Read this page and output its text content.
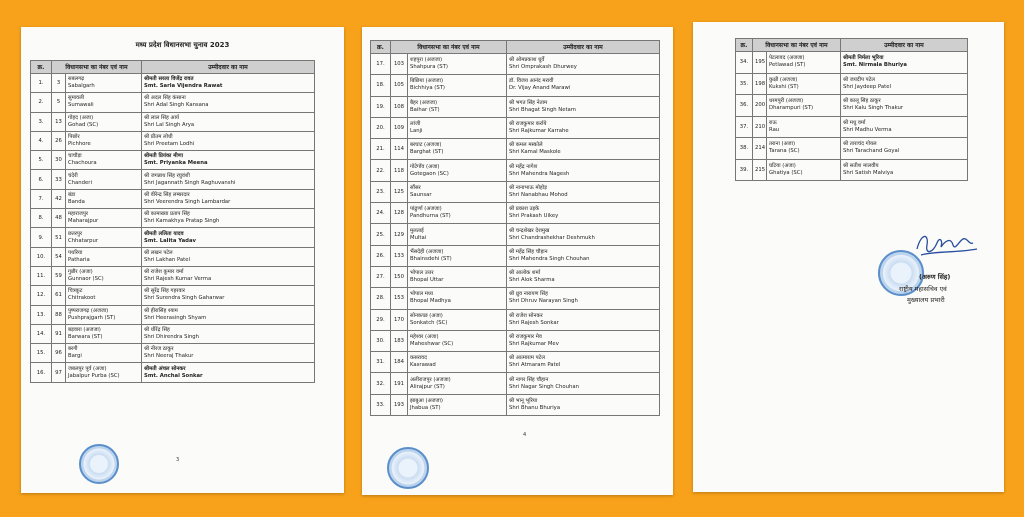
मध्य प्रदेश विधानसभा चुनाव 2023
क्र.	विधानसभा का नंबर एवं नाम		उम्मीदवार का नाम
1.	3	सबलगढ़
Sabalgarh	श्रीमती सरला विजेंद्र रावत
Smt. Sarla Vijendra Rawat

2.	5	सुमावली
Sumawali	श्री अदल सिंह कंसाना
Shri Adal Singh Kansana

3.	13	गोहद (अजा)
Gohad (SC)	श्री लाल सिंह आर्य
Shri Lal Singh Arya

4.	26	पिछोर
Pichhore	श्री प्रीतम लोधी
Shri Preetam Lodhi

5.	30	चाचौड़ा
Chachoura	श्रीमती प्रियंका मीणा
Smt. Priyanka Meena

6.	33	चंदेरी
Chanderi	श्री जगन्नाथ सिंह रघुवंशी
Shri Jagannath Singh Raghuvanshi

7.	42	बंडा
Banda	श्री वीरेन्द्र सिंह लम्बरदार
Shri Veerendra Singh Lambardar

8.	48	महाराजपुर
Maharajpur	श्री कामाख्या प्रताप सिंह
Shri Kamakhya Pratap Singh

9.	51	छतरपुर
Chhatarpur	श्रीमती ललिता यादव
Smt. Lalita Yadav

10.	54	पथरिया
Patharia	श्री लखन पटेल
Shri Lakhan Patel

11.	59	गुन्नौर (अजा)
Gunnaor (SC)	श्री राजेश कुमार वर्मा
Shri Rajesh Kumar Verma

12.	61	चित्रकूट
Chitrakoot	श्री सुरेंद्र सिंह गहरवार
Shri Surendra Singh Gaharwar

13.	88	पुष्पराजगढ़ (अजजा)
Pushprajgarh (ST)	श्री हीरासिंह श्याम
Shri Heerasingh Shyam

14.	91	बड़वारा (अजजा)
Barwara (ST)	श्री धीरेंद्र सिंह
Shri Dhirendra Singh

15.	96	बरगी
Bargi	श्री नीरज ठाकुर
Shri Neeraj Thakur

16.	97	जबलपुर पूर्व (अजा)
Jabalpur Purba (SC)	श्रीमती अंचल सोनकर
Smt. Anchal Sonkar
3
क्र.	विधानसभा का नंबर एवं नाम		उम्मीदवार का नाम
17.	103	शहपुरा (अजजा)
Shahpura (ST)	श्री ओमप्रकाश धुर्वे
Shri Omprakash Dhurwey

18.	105	बिछिया (अजजा)
Bichhiya (ST)	डॉ. विजय आनंद मरावी
Dr. Vijay Anand Marawi

19.	108	बैहर (अजजा)
Baihar (ST)	श्री भगत सिंह नेताम
Shri Bhagat Singh Netam

20.	109	लांजी
Lanji	श्री राजकुमार कर्राये
Shri Rajkumar Karrahe

21.	114	बरघाट (अजजा)
Barghat (ST)	श्री कमल मस्कोले
Shri Kamal Maskole

22.	118	गोटेगाँव (अजा)
Gotegaon (SC)	श्री महेंद्र नागेश
Shri Mahendra Nagesh

23.	125	सौंसर
Saunsar	श्री नानाभाऊ मोहोड़
Shri Nanabhau Mohod

24.	128	पांढुर्णा (अजजा)
Pandhurna (ST)	श्री प्रकाश उइके
Shri Prakash Uikey

25.	129	मुलताई
Multai	श्री चन्द्रशेखर देशमुख
Shri Chandrashekhar Deshmukh

26.	133	भैंसदेही (अजजा)
Bhainsdehi (ST)	श्री महेंद्र सिंह चौहान
Shri Mahendra Singh Chouhan

27.	150	भोपाल उत्तर
Bhopal Uttar	श्री आलोक शर्मा
Shri Alok Sharma

28.	153	भोपाल मध्य
Bhopal Madhya	श्री ध्रुव नारायण सिंह
Shri Dhruv Narayan Singh

29.	170	सोनकच्छ (अजा)
Sonkatch (SC)	श्री राजेश सोनकर
Shri Rajesh Sonkar

30.	183	महेश्वर (अजा)
Maheshwar (SC)	श्री राजकुमार मेव
Shri Rajkumar Mev

31.	184	कसरावद
Kasrawad	श्री आत्माराम पटेल
Shri Atmaram Patel

32.	191	अलीराजपुर (अजजा)
Alirajpur (ST)	श्री नागर सिंह चौहान
Shri Nagar Singh Chouhan

33.	193	झाबुआ (अजजा)
Jhabua (ST)	श्री भानू भूरिया
Shri Bhanu Bhuriya
4
क्र.	विधानसभा का नंबर एवं नाम		उम्मीदवार का नाम
34.	195	पेटलावद (अजजा)
Petlawad (ST)	श्रीमती निर्मला भूरिया
Smt. Nirmala Bhuriya

35.	198	कुक्षी (अजजा)
Kukshi (ST)	श्री जयदीप पटेल
Shri Jaydeep Patel

36.	200	धरमपुरी (अजजा)
Dharampuri (ST)	श्री कालू सिंह ठाकुर
Shri Kalu Singh Thakur

37.	210	राऊ
Rau	श्री मधु वर्मा
Shri Madhu Verma

38.	214	तराना (अजा)
Tarana (SC)	श्री ताराचंद गोयल
Shri Tarachand Goyal

39.	215	घटिया (अजा)
Ghatiya (SC)	श्री सतीश मालवीय
Shri Satish Malviya
(अरुण सिंह)
राष्ट्रीय महासचिव एवं
मुख्यालय प्रभारी
